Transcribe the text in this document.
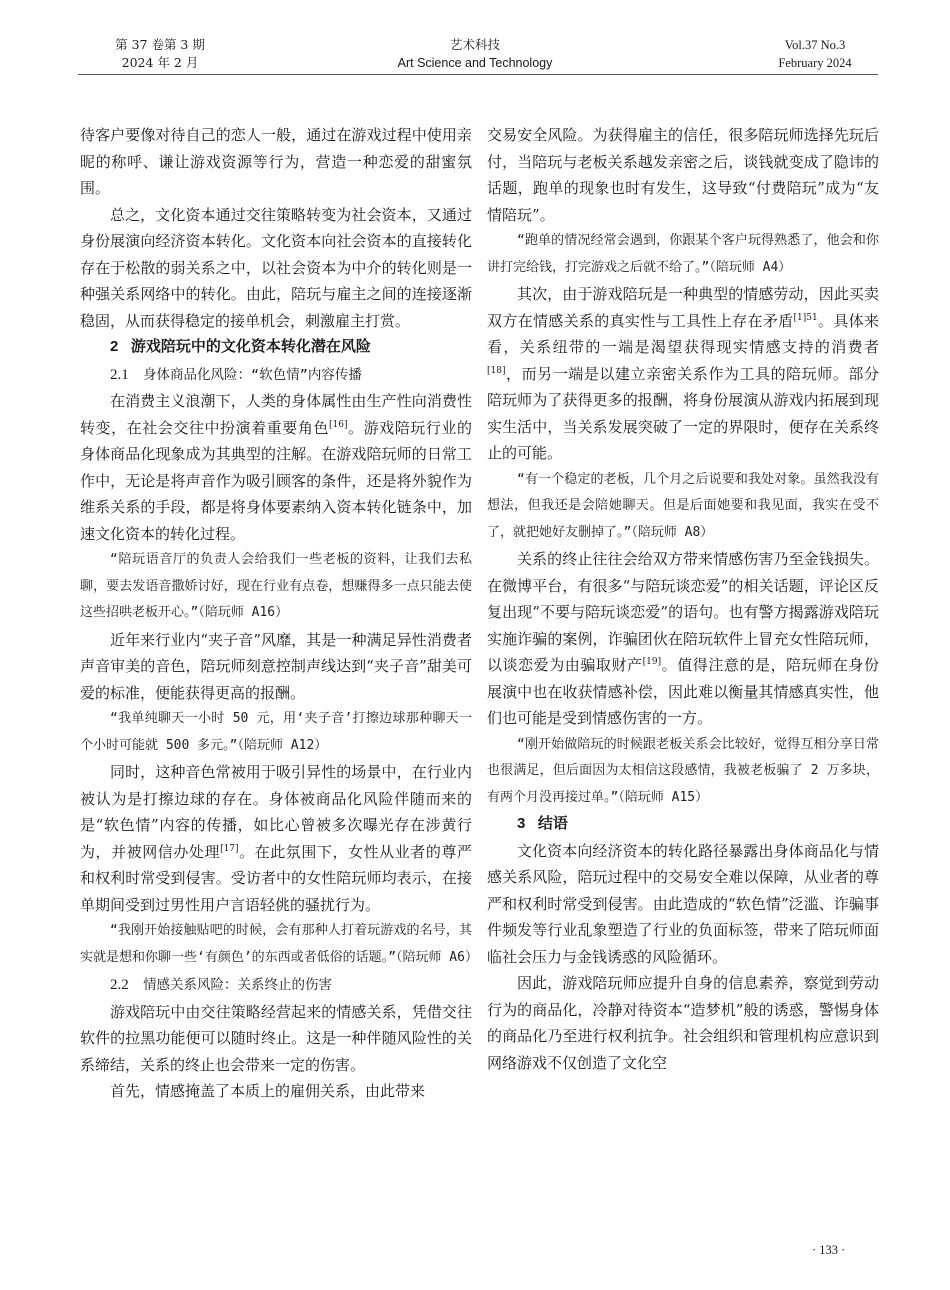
第 37 卷第 3 期
2024 年 2 月
艺术科技
Art Science and Technology
Vol.37 No.3
February 2024

待客户要像对待自己的恋人一般，通过在游戏过程中使用亲昵的称呼、谦让游戏资源等行为，营造一种恋爱的甜蜜氛围。

总之，文化资本通过交往策略转变为社会资本，又通过身份展演向经济资本转化。文化资本向社会资本的直接转化存在于松散的弱关系之中，以社会资本为中介的转化则是一种强关系网络中的转化。由此，陪玩与雇主之间的连接逐渐稳固，从而获得稳定的接单机会，刺激雇主打赏。

2 游戏陪玩中的文化资本转化潜在风险
2.1 身体商品化风险：“软色情”内容传播

在消费主义浪潮下，人类的身体属性由生产性向消费性转变，在社会交往中扮演着重要角色[16]。游戏陪玩行业的身体商品化现象成为其典型的注解。在游戏陪玩师的日常工作中，无论是将声音作为吸引顾客的条件，还是将外貌作为维系关系的手段，都是将身体要素纳入资本转化链条中，加速文化资本的转化过程。

“陪玩语音厅的负责人会给我们一些老板的资料，让我们去私聊，要去发语音撒娇讨好，现在行业有点卷，想赚得多一点只能去使这些招哄老板开心。”（陪玩师 A16）

近年来行业内“夹子音”风靡，其是一种满足异性消费者声音审美的音色，陪玩师刻意控制声线达到“夹子音”甜美可爱的标准，便能获得更高的报酬。

“我单纯聊天一小时 50 元，用‘夹子音’打擦边球那种聊天一个小时可能就 500 多元。”（陪玩师 A12）

同时，这种音色常被用于吸引异性的场景中，在行业内被认为是打擦边球的存在。身体被商品化风险伴随而来的是“软色情”内容的传播，如比心曾被多次曝光存在涉黄行为，并被网信办处理[17]。在此氛围下，女性从业者的尊严和权利时常受到侵害。受访者中的女性陪玩师均表示，在接单期间受到过男性用户言语轻佻的骚扰行为。

“我刚开始接触贴吧的时候，会有那种人打着玩游戏的名号，其实就是想和你聊一些‘有颜色’的东西或者低俗的话题。”（陪玩师 A6）

2.2 情感关系风险：关系终止的伤害

游戏陪玩中由交往策略经营起来的情感关系，凭借交往软件的拉黑功能便可以随时终止。这是一种伴随风险性的关系缔结，关系的终止也会带来一定的伤害。

首先，情感掩盖了本质上的雇佣关系，由此带来

交易安全风险。为获得雇主的信任，很多陪玩师选择先玩后付，当陪玩与老板关系越发亲密之后，谈钱就变成了隐讳的话题，跑单的现象也时有发生，这导致“付费陪玩”成为“友情陪玩”。

“跑单的情况经常会遇到，你跟某个客户玩得熟悉了，他会和你讲打完给钱，打完游戏之后就不给了。”（陪玩师 A4）

其次，由于游戏陪玩是一种典型的情感劳动，因此买卖双方在情感关系的真实性与工具性上存在矛盾$^{[1]51}$。具体来看，关系纽带的一端是渴望获得现实情感支持的消费者[18]，而另一端是以建立亲密关系作为工具的陪玩师。部分陪玩师为了获得更多的报酬，将身份展演从游戏内拓展到现实生活中，当关系发展突破了一定的界限时，便存在关系终止的可能。

“有一个稳定的老板，几个月之后说要和我处对象。虽然我没有想法，但我还是会陪她聊天。但是后面她要和我见面，我实在受不了，就把她好友删掉了。”（陪玩师 A8）

关系的终止往往会给双方带来情感伤害乃至金钱损失。在微博平台，有很多“与陪玩谈恋爱”的相关话题，评论区反复出现“不要与陪玩谈恋爱”的语句。也有警方揭露游戏陪玩实施诈骗的案例，诈骗团伙在陪玩软件上冒充女性陪玩师，以谈恋爱为由骗取财产[19]。值得注意的是，陪玩师在身份展演中也在收获情感补偿，因此难以衡量其情感真实性，他们也可能是受到情感伤害的一方。

“刚开始做陪玩的时候跟老板关系会比较好，觉得互相分享日常也很满足，但后面因为太相信这段感情，我被老板骗了 2 万多块，有两个月没再接过单。”（陪玩师 A15）

3 结语

文化资本向经济资本的转化路径暴露出身体商品化与情感关系风险，陪玩过程中的交易安全难以保障，从业者的尊严和权利时常受到侵害。由此造成的“软色情”泛滥、诈骗事件频发等行业乱象塑造了行业的负面标签，带来了陪玩师面临社会压力与金钱诱惑的风险循环。

因此，游戏陪玩师应提升自身的信息素养，察觉到劳动行为的商品化，冷静对待资本“造梦机”般的诱惑，警惕身体的商品化乃至进行权利抗争。社会组织和管理机构应意识到网络游戏不仅创造了文化空

· 133 ·
